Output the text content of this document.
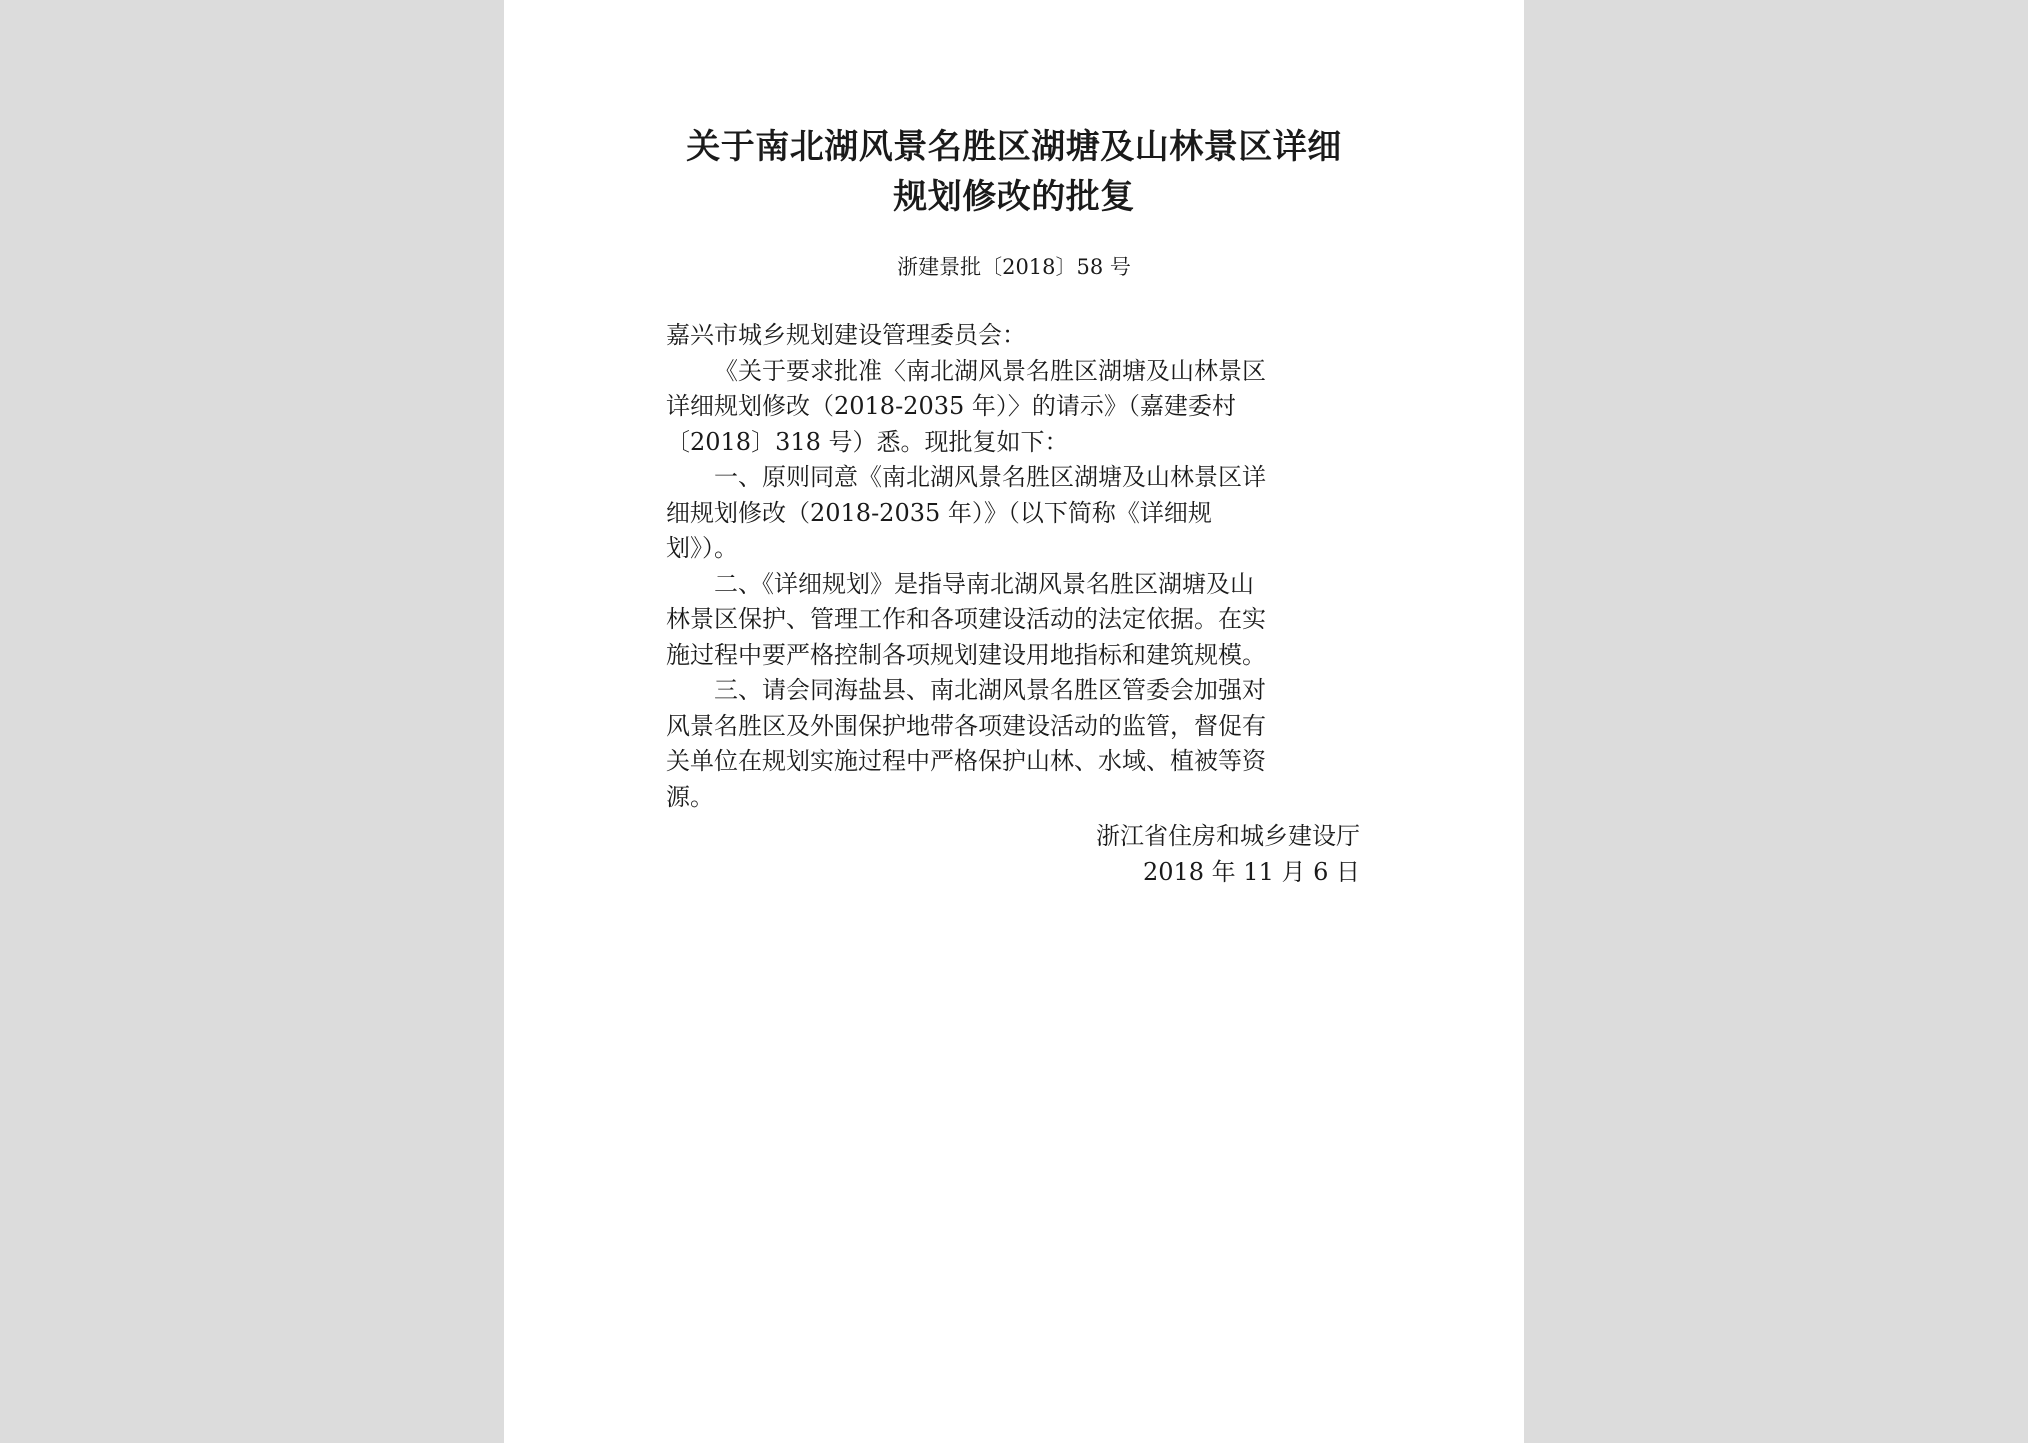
关于南北湖风景名胜区湖塘及山林景区详细
规划修改的批复
浙建景批〔2018〕58 号
嘉兴市城乡规划建设管理委员会：
《关于要求批准〈南北湖风景名胜区湖塘及山林景区
详细规划修改（2018-2035 年）〉的请示》（嘉建委村
〔2018〕318 号）悉。现批复如下：
一、原则同意《南北湖风景名胜区湖塘及山林景区详
细规划修改（2018-2035 年）》（以下简称《详细规
划》）。
二、《详细规划》是指导南北湖风景名胜区湖塘及山
林景区保护、管理工作和各项建设活动的法定依据。在实
施过程中要严格控制各项规划建设用地指标和建筑规模。
三、请会同海盐县、南北湖风景名胜区管委会加强对
风景名胜区及外围保护地带各项建设活动的监管，督促有
关单位在规划实施过程中严格保护山林、水域、植被等资
源。
浙江省住房和城乡建设厅
2018 年 11 月 6 日
